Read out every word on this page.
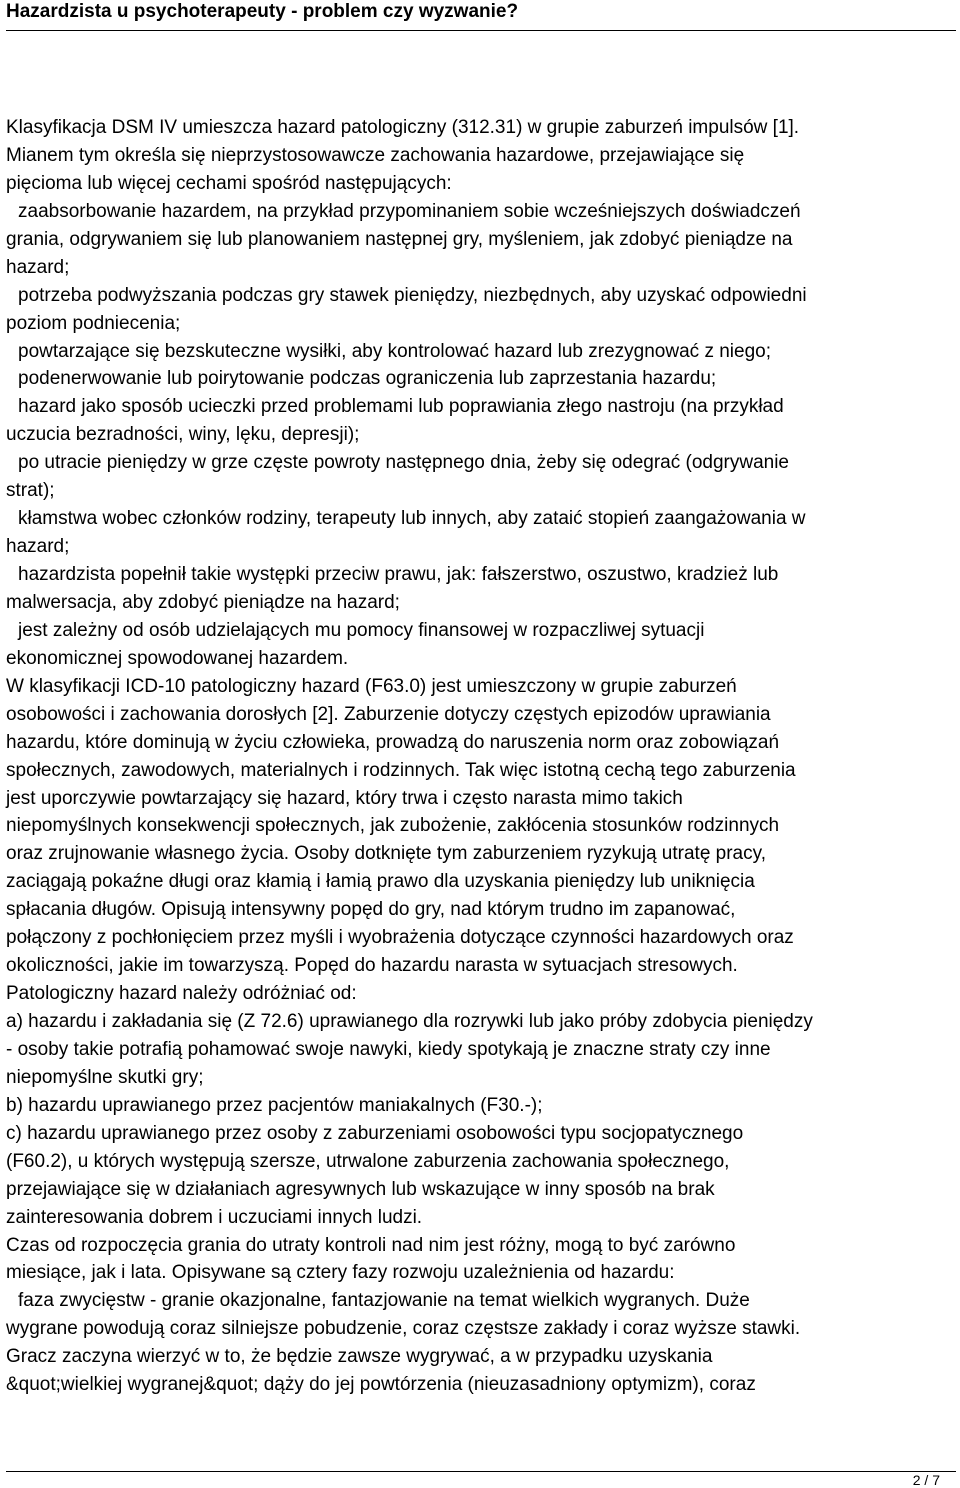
Hazardzista u psychoterapeuty - problem czy wyzwanie?
Klasyfikacja DSM IV umieszcza hazard patologiczny (312.31) w grupie zaburzeń impulsów [1].
Mianem tym określa się nieprzystosowawcze zachowania hazardowe, przejawiające się
pięcioma lub więcej cechami spośród następujących:
zaabsorbowanie hazardem, na przykład przypominaniem sobie wcześniejszych doświadczeń
grania, odgrywaniem się lub planowaniem następnej gry, myśleniem, jak zdobyć pieniądze na
hazard;
potrzeba podwyższania podczas gry stawek pieniędzy, niezbędnych, aby uzyskać odpowiedni
poziom podniecenia;
powtarzające się bezskuteczne wysiłki, aby kontrolować hazard lub zrezygnować z niego;
podenerwowanie lub poirytowanie podczas ograniczenia lub zaprzestania hazardu;
hazard jako sposób ucieczki przed problemami lub poprawiania złego nastroju (na przykład
uczucia bezradności, winy, lęku, depresji);
po utracie pieniędzy w grze częste powroty następnego dnia, żeby się odegrać (odgrywanie
strat);
kłamstwa wobec członków rodziny, terapeuty lub innych, aby zataić stopień zaangażowania w
hazard;
hazardzista popełnił takie występki przeciw prawu, jak: fałszerstwo, oszustwo, kradzież lub
malwersacja, aby zdobyć pieniądze na hazard;
jest zależny od osób udzielających mu pomocy finansowej w rozpaczliwej sytuacji
ekonomicznej spowodowanej hazardem.
W klasyfikacji ICD-10 patologiczny hazard (F63.0) jest umieszczony w grupie zaburzeń
osobowości i zachowania dorosłych [2]. Zaburzenie dotyczy częstych epizodów uprawiania
hazardu, które dominują w życiu człowieka, prowadzą do naruszenia norm oraz zobowiązań
społecznych, zawodowych, materialnych i rodzinnych. Tak więc istotną cechą tego zaburzenia
jest uporczywie powtarzający się hazard, który trwa i często narasta mimo takich
niepomyślnych konsekwencji społecznych, jak zubożenie, zakłócenia stosunków rodzinnych
oraz zrujnowanie własnego życia. Osoby dotknięte tym zaburzeniem ryzykują utratę pracy,
zaciągają pokaźne długi oraz kłamią i łamią prawo dla uzyskania pieniędzy lub uniknięcia
spłacania długów. Opisują intensywny popęd do gry, nad którym trudno im zapanować,
połączony z pochłonięciem przez myśli i wyobrażenia dotyczące czynności hazardowych oraz
okoliczności, jakie im towarzyszą. Popęd do hazardu narasta w sytuacjach stresowych.
Patologiczny hazard należy odróżniać od:
a) hazardu i zakładania się (Z 72.6) uprawianego dla rozrywki lub jako próby zdobycia pieniędzy
- osoby takie potrafią pohamować swoje nawyki, kiedy spotykają je znaczne straty czy inne
niepomyślne skutki gry;
b) hazardu uprawianego przez pacjentów maniakalnych (F30.-);
c) hazardu uprawianego przez osoby z zaburzeniami osobowości typu socjopatycznego
(F60.2), u których występują szersze, utrwalone zaburzenia zachowania społecznego,
przejawiające się w działaniach agresywnych lub wskazujące w inny sposób na brak
zainteresowania dobrem i uczuciami innych ludzi.
Czas od rozpoczęcia grania do utraty kontroli nad nim jest różny, mogą to być zarówno
miesiące, jak i lata. Opisywane są cztery fazy rozwoju uzależnienia od hazardu:
faza zwycięstw - granie okazjonalne, fantazjowanie na temat wielkich wygranych. Duże
wygrane powodują coraz silniejsze pobudzenie, coraz częstsze zakłady i coraz wyższe stawki.
Gracz zaczyna wierzyć w to, że będzie zawsze wygrywać, a w przypadku uzyskania
&quot;wielkiej wygranej&quot; dąży do jej powtórzenia (nieuzasadniony optymizm), coraz
2 / 7
